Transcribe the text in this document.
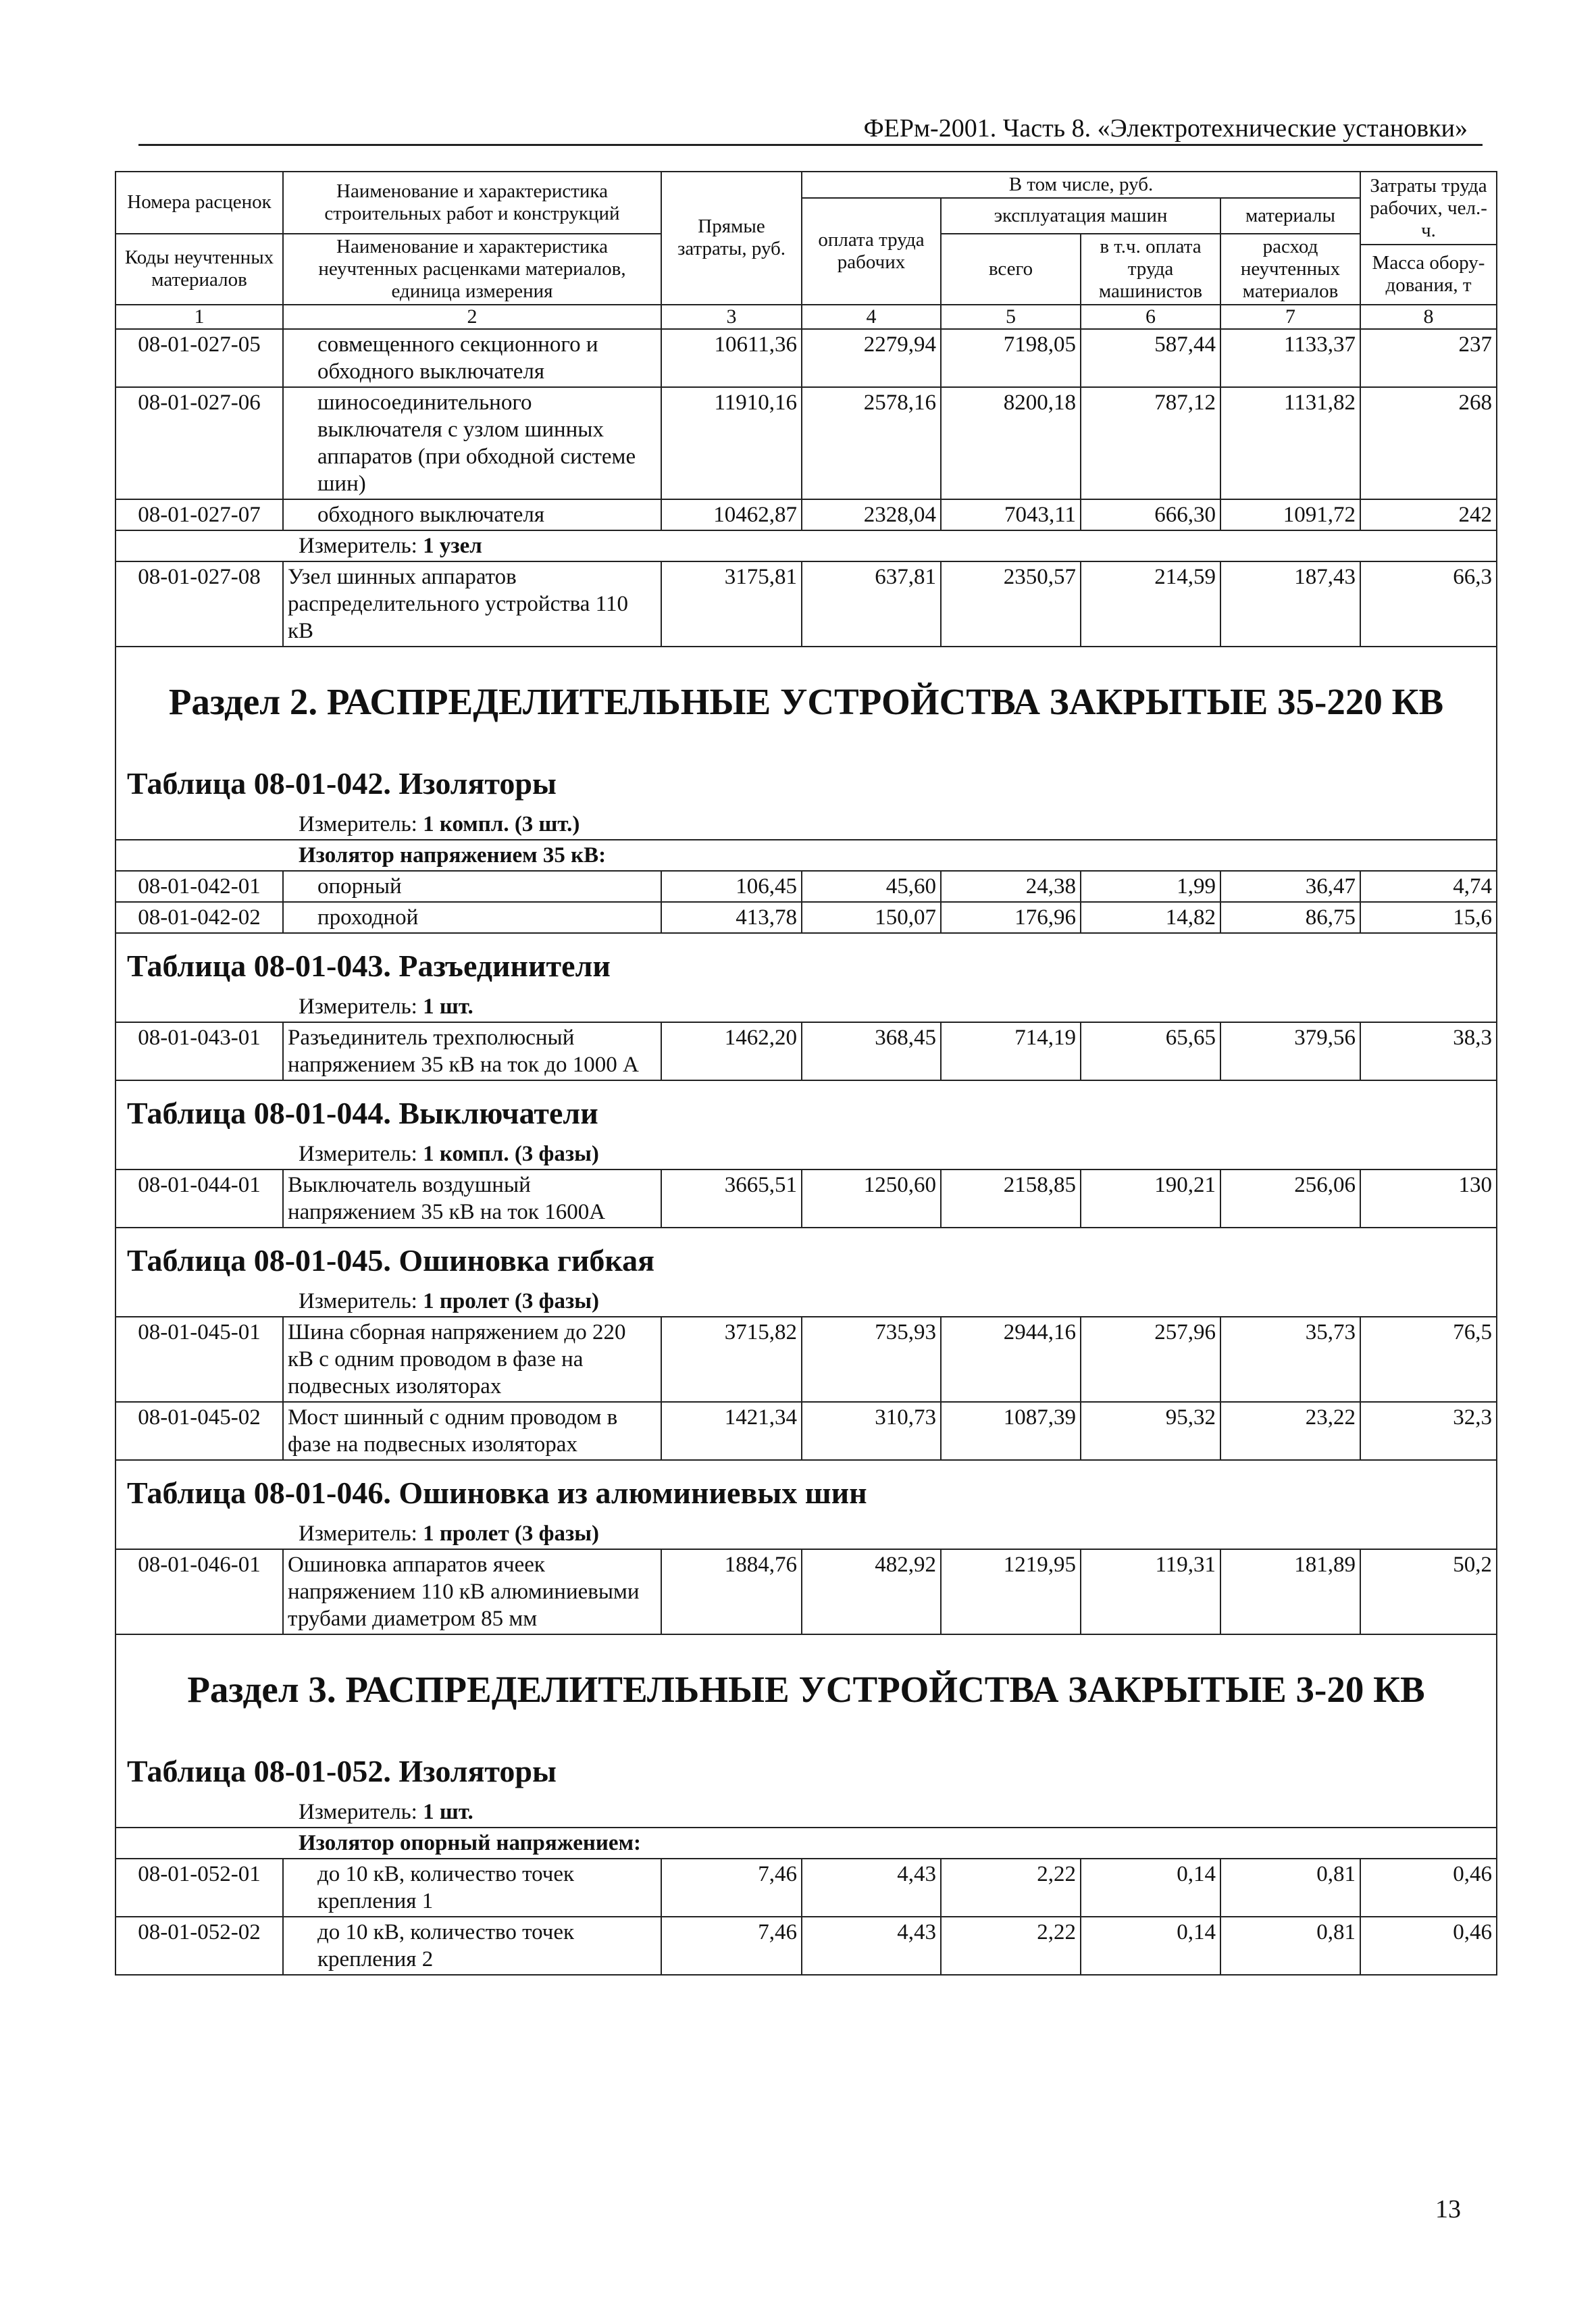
ФЕРм-2001. Часть 8. «Электротехнические установки»
Номера расценок	Наименование и характеристика строительных работ и конструкций	Прямые затраты, руб.	В том числе, руб.				Затраты труда рабочих, чел.-ч.
			оплата труда рабочих	эксплуатация машин		материалы	
Коды неучтенных материалов	Наименование и характеристика неучтенных расценками материалов, единица измерения			всего	в т.ч. оплата труда машинистов	расход неучтенных материалов	
							Масса обору-дования, т
1	2	3	4	5	6	7	8
08-01-027-05	совмещенного секционного и обходного выключателя	10611,36	2279,94	7198,05	587,44	1133,37	237
08-01-027-06	шиносоединительного выключателя с узлом шинных аппаратов (при обходной системе шин)	11910,16	2578,16	8200,18	787,12	1131,82	268
08-01-027-07	обходного выключателя	10462,87	2328,04	7043,11	666,30	1091,72	242
Измеритель: 1 узел							
08-01-027-08	Узел шинных аппаратов распределительного устройства 110 кВ	3175,81	637,81	2350,57	214,59	187,43	66,3
Раздел 2. РАСПРЕДЕЛИТЕЛЬНЫЕ УСТРОЙСТВА ЗАКРЫТЫЕ 35-220 КВ							
Таблица 08-01-042. Изоляторы							
Измеритель: 1 компл. (3 шт.)							
Изолятор напряжением 35 кВ:							
08-01-042-01	опорный	106,45	45,60	24,38	1,99	36,47	4,74
08-01-042-02	проходной	413,78	150,07	176,96	14,82	86,75	15,6
Таблица 08-01-043. Разъединители							
Измеритель: 1 шт.							
08-01-043-01	Разъединитель трехполюсный напряжением 35 кВ на ток до 1000 А	1462,20	368,45	714,19	65,65	379,56	38,3
Таблица 08-01-044. Выключатели							
Измеритель: 1 компл. (3 фазы)							
08-01-044-01	Выключатель воздушный напряжением 35 кВ на ток 1600А	3665,51	1250,60	2158,85	190,21	256,06	130
Таблица 08-01-045. Ошиновка гибкая							
Измеритель: 1 пролет (3 фазы)							
08-01-045-01	Шина сборная напряжением до 220 кВ с одним проводом в фазе на подвесных изоляторах	3715,82	735,93	2944,16	257,96	35,73	76,5
08-01-045-02	Мост шинный с одним проводом в фазе на подвесных изоляторах	1421,34	310,73	1087,39	95,32	23,22	32,3
Таблица 08-01-046. Ошиновка из алюминиевых шин							
Измеритель: 1 пролет (3 фазы)							
08-01-046-01	Ошиновка аппаратов ячеек напряжением 110 кВ алюминиевыми трубами диаметром 85 мм	1884,76	482,92	1219,95	119,31	181,89	50,2
Раздел 3. РАСПРЕДЕЛИТЕЛЬНЫЕ УСТРОЙСТВА ЗАКРЫТЫЕ 3-20 КВ							
Таблица 08-01-052. Изоляторы							
Измеритель: 1 шт.							
Изолятор опорный напряжением:							
08-01-052-01	до 10 кВ, количество точек крепления 1	7,46	4,43	2,22	0,14	0,81	0,46
08-01-052-02	до 10 кВ, количество точек крепления 2	7,46	4,43	2,22	0,14	0,81	0,46
13
